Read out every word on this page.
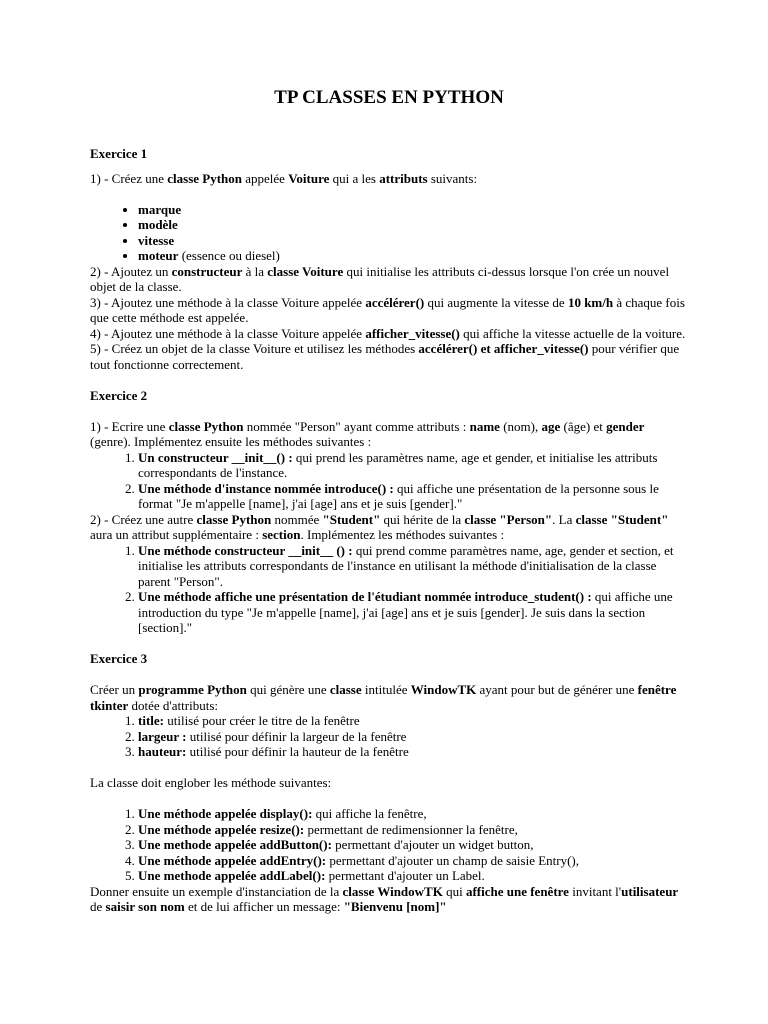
TP CLASSES EN PYTHON

Exercice 1

1) - Créez une classe Python appelée Voiture qui a les attributs suivants:

• marque
• modèle
• vitesse
• moteur (essence ou diesel)

2) - Ajoutez un constructeur à la classe Voiture qui initialise les attributs ci-dessus lorsque l'on crée un nouvel objet de la classe.

3) - Ajoutez une méthode à la classe Voiture appelée accélérer() qui augmente la vitesse de 10 km/h à chaque fois que cette méthode est appelée.

4) - Ajoutez une méthode à la classe Voiture appelée afficher_vitesse() qui affiche la vitesse actuelle de la voiture.

5) - Créez un objet de la classe Voiture et utilisez les méthodes accélérer() et afficher_vitesse() pour vérifier que tout fonctionne correctement.

Exercice 2

1) - Ecrire une classe Python nommée "Person" ayant comme attributs : name (nom), age (âge) et gender (genre). Implémentez ensuite les méthodes suivantes :

1. Un constructeur __init__() : qui prend les paramètres name, age et gender, et initialise les attributs correspondants de l'instance.
2. Une méthode d'instance nommée introduce() : qui affiche une présentation de la personne sous le format "Je m'appelle [name], j'ai [age] ans et je suis [gender]."

2) - Créez une autre classe Python nommée "Student" qui hérite de la classe "Person". La classe "Student" aura un attribut supplémentaire : section. Implémentez les méthodes suivantes :

1. Une méthode constructeur __init__ () : qui prend comme paramètres name, age, gender et section, et initialise les attributs correspondants de l'instance en utilisant la méthode d'initialisation de la classe parent "Person".
2. Une méthode affiche une présentation de l'étudiant nommée introduce_student() : qui affiche une introduction du type "Je m'appelle [name], j'ai [age] ans et je suis [gender]. Je suis dans la section [section]."

Exercice 3

Créer un programme Python qui génère une classe intitulée WindowTK ayant pour but de générer une fenêtre tkinter dotée d'attributs:

1. title: utilisé pour créer le titre de la fenêtre
2. largeur : utilisé pour définir la largeur de la fenêtre
3. hauteur: utilisé pour définir la hauteur de la fenêtre

La classe doit englober les méthode suivantes:

1. Une méthode appelée display(): qui affiche la fenêtre,
2. Une méthode appelée resize(): permettant de redimensionner la fenêtre,
3. Une methode appelée addButton(): permettant d'ajouter un widget button,
4. Une méthode appelée addEntry(): permettant d'ajouter un champ de saisie Entry(),
5. Une methode appelée addLabel(): permettant d'ajouter un Label.

Donner ensuite un exemple d'instanciation de la classe WindowTK qui affiche une fenêtre invitant l'utilisateur de saisir son nom et de lui afficher un message: "Bienvenu [nom]"
